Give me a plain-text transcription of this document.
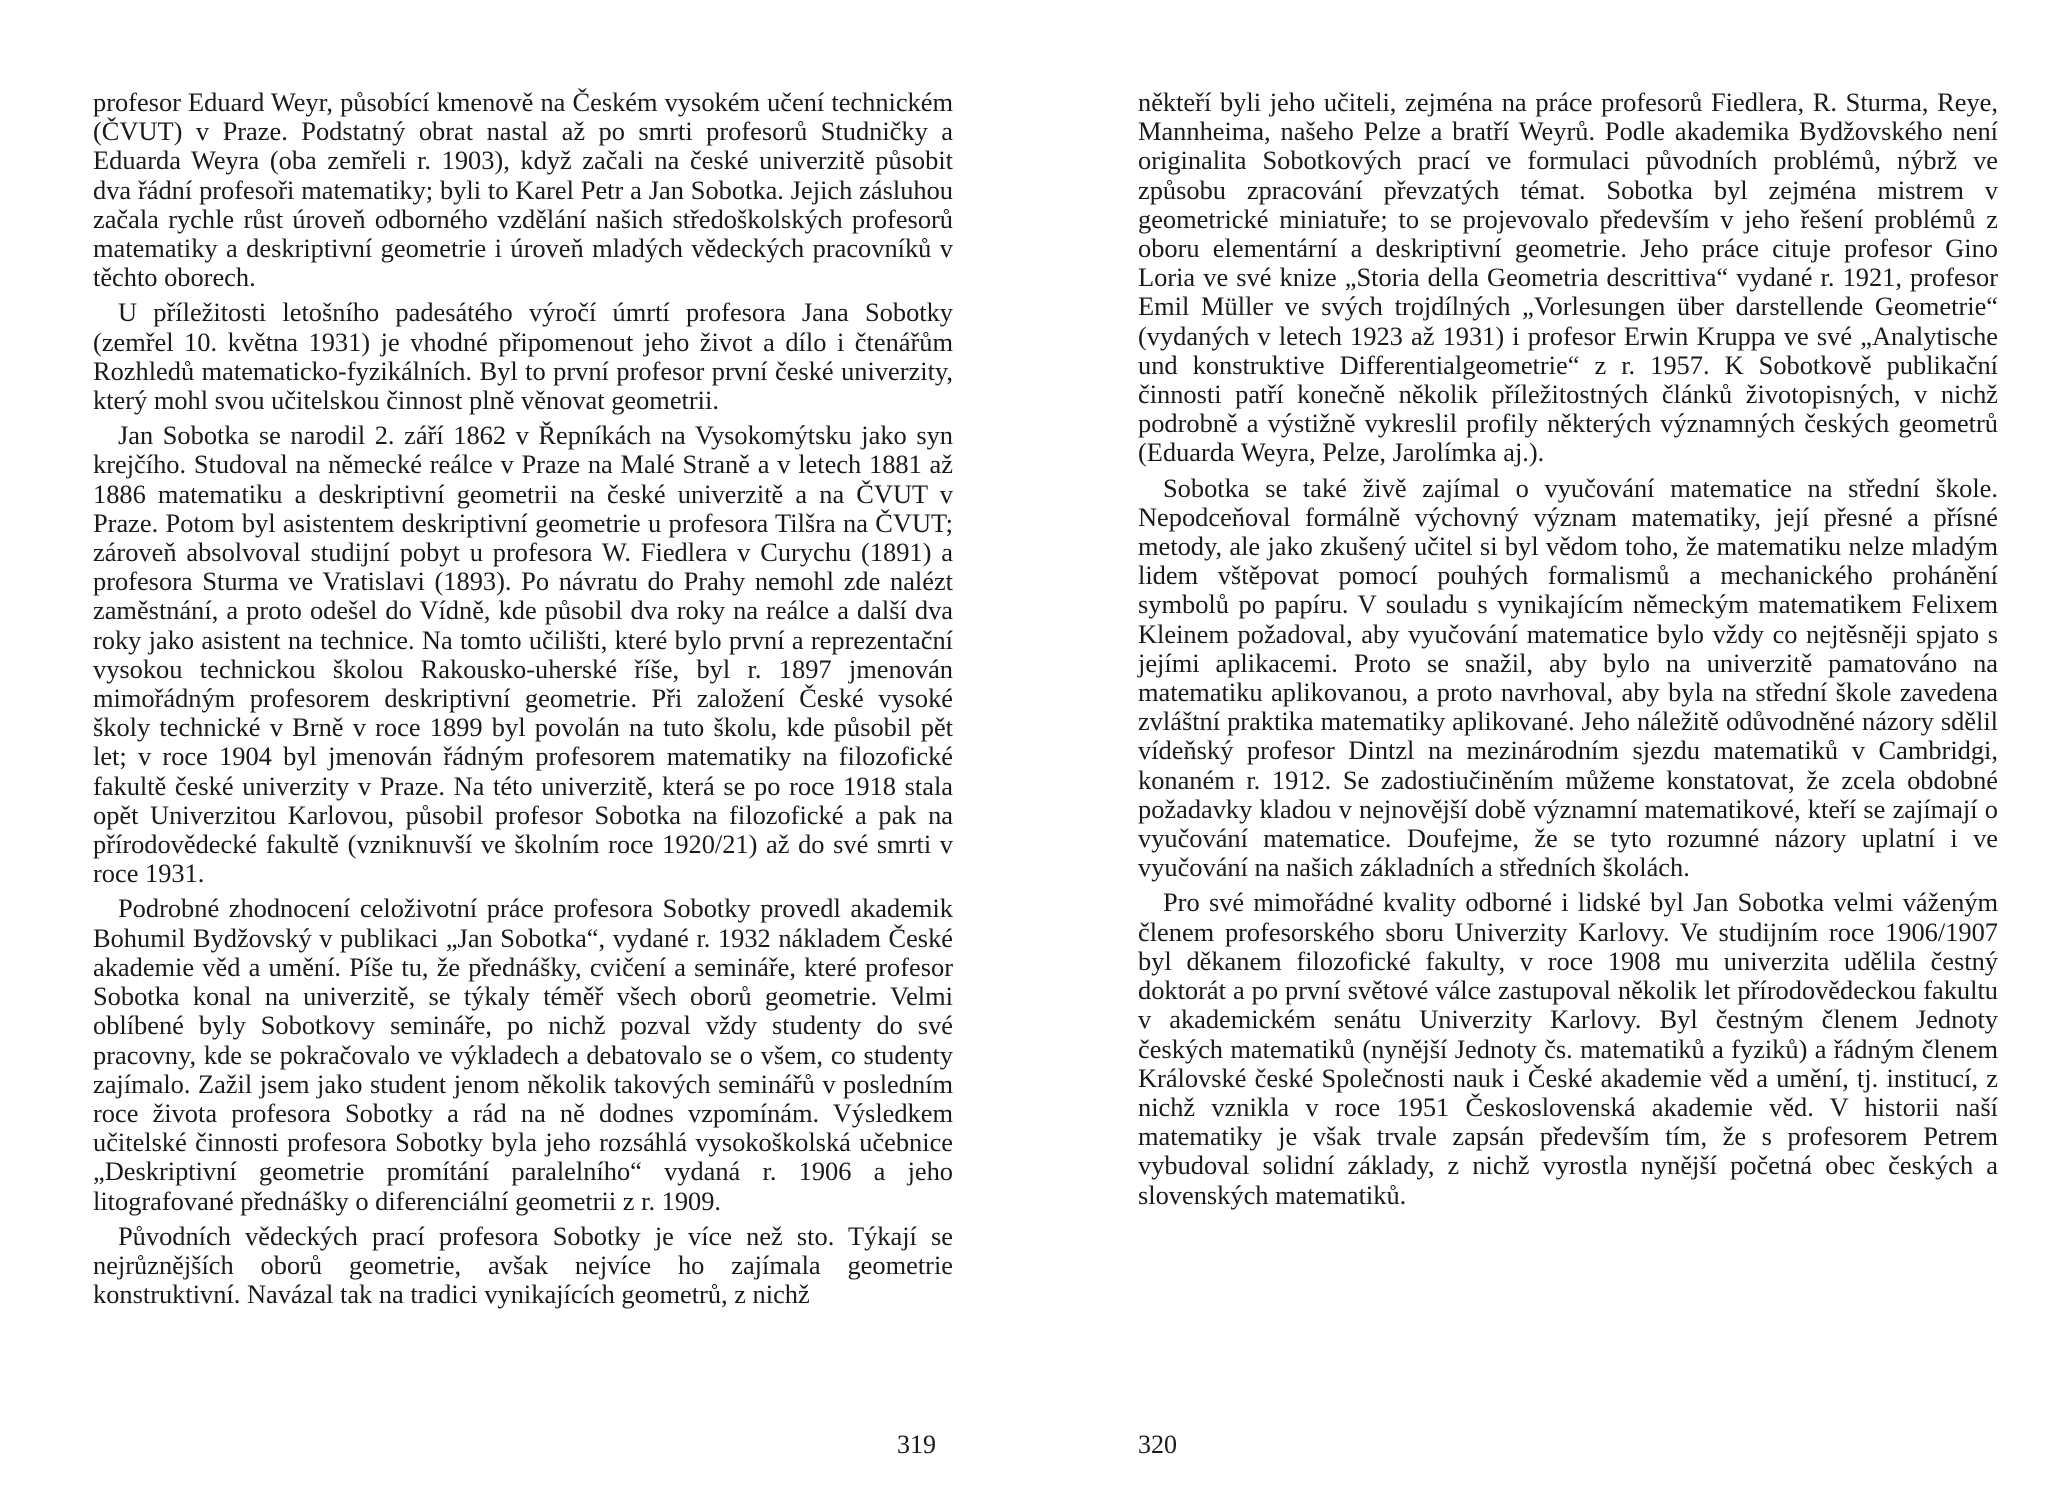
profesor Eduard Weyr, působící kmenově na Českém vysokém učení technickém (ČVUT) v Praze. Podstatný obrat nastal až po smrti profesorů Studničky a Eduarda Weyra (oba zemřeli r. 1903), když začali na české univerzitě působit dva řádní profesoři matematiky; byli to Karel Petr a Jan Sobotka. Jejich zásluhou začala rychle růst úroveň odborného vzdělání našich středoškolských profesorů matematiky a deskriptivní geometrie i úroveň mladých vědeckých pracovníků v těchto oborech.

U příležitosti letošního padesátého výročí úmrtí profesora Jana Sobotky (zemřel 10. května 1931) je vhodné připomenout jeho život a dílo i čtenářům Rozhledů matematicko-fyzikálních. Byl to první profesor první české univerzity, který mohl svou učitelskou činnost plně věnovat geometrii.

Jan Sobotka se narodil 2. září 1862 v Řepníkách na Vysokomýtsku jako syn krejčího. Studoval na německé reálce v Praze na Malé Straně a v letech 1881 až 1886 matematiku a deskriptivní geometrii na české univerzitě a na ČVUT v Praze. Potom byl asistentem deskriptivní geometrie u profesora Tilšra na ČVUT; zároveň absolvoval studijní pobyt u profesora W. Fiedlera v Curychu (1891) a profesora Sturma ve Vratislavi (1893). Po návratu do Prahy nemohl zde nalézt zaměstnání, a proto odešel do Vídně, kde působil dva roky na reálce a další dva roky jako asistent na technice. Na tomto učilišti, které bylo první a reprezentační vysokou technickou školou Rakousko-uherské říše, byl r. 1897 jmenován mimořádným profesorem deskriptivní geometrie. Při založení České vysoké školy technické v Brně v roce 1899 byl povolán na tuto školu, kde působil pět let; v roce 1904 byl jmenován řádným profesorem matematiky na filozofické fakultě české univerzity v Praze. Na této univerzitě, která se po roce 1918 stala opět Univerzitou Karlovou, působil profesor Sobotka na filozofické a pak na přírodovědecké fakultě (vzniknuvší ve školním roce 1920/21) až do své smrti v roce 1931.

Podrobné zhodnocení celoživotní práce profesora Sobotky provedl akademik Bohumil Bydžovský v publikaci „Jan Sobotka“, vydané r. 1932 nákladem České akademie věd a umění. Píše tu, že přednášky, cvičení a semináře, které profesor Sobotka konal na univerzitě, se týkaly téměř všech oborů geometrie. Velmi oblíbené byly Sobotkovy semináře, po nichž pozval vždy studenty do své pracovny, kde se pokračovalo ve výkladech a debatovalo se o všem, co studenty zajímalo. Zažil jsem jako student jenom několik takových seminářů v posledním roce života profesora Sobotky a rád na ně dodnes vzpomínám. Výsledkem učitelské činnosti profesora Sobotky byla jeho rozsáhlá vysokoškolská učebnice „Deskriptivní geometrie promítání paralelního“ vydaná r. 1906 a jeho litografované přednášky o diferenciální geometrii z r. 1909.

Původních vědeckých prací profesora Sobotky je více než sto. Týkají se nejrůznějších oborů geometrie, avšak nejvíce ho zajímala geometrie konstruktivní. Navázal tak na tradici vynikajících geometrů, z nichž

319

někteří byli jeho učiteli, zejména na práce profesorů Fiedlera, R. Sturma, Reye, Mannheima, našeho Pelze a bratří Weyrů. Podle akademika Bydžovského není originalita Sobotkových prací ve formulaci původních problémů, nýbrž ve způsobu zpracování převzatých témat. Sobotka byl zejména mistrem v geometrické miniatuře; to se projevovalo především v jeho řešení problémů z oboru elementární a deskriptivní geometrie. Jeho práce cituje profesor Gino Loria ve své knize „Storia della Geometria descrittiva“ vydané r. 1921, profesor Emil Müller ve svých trojdílných „Vorlesungen über darstellende Geometrie“ (vydaných v letech 1923 až 1931) i profesor Erwin Kruppa ve své „Analytische und konstruktive Differentialgeometrie“ z r. 1957. K Sobotkově publikační činnosti patří konečně několik příležitostných článků životopisných, v nichž podrobně a výstižně vykreslil profily některých významných českých geometrů (Eduarda Weyra, Pelze, Jarolímka aj.).

Sobotka se také živě zajímal o vyučování matematice na střední škole. Nepodceňoval formálně výchovný význam matematiky, její přesné a přísné metody, ale jako zkušený učitel si byl vědom toho, že matematiku nelze mladým lidem vštěpovat pomocí pouhých formalismů a mechanického prohánění symbolů po papíru. V souladu s vynikajícím německým matematikem Felixem Kleinem požadoval, aby vyučování matematice bylo vždy co nejtěsněji spjato s jejími aplikacemi. Proto se snažil, aby bylo na univerzitě pamatováno na matematiku aplikovanou, a proto navrhoval, aby byla na střední škole zavedena zvláštní praktika matematiky aplikované. Jeho náležitě odůvodněné názory sdělil vídeňský profesor Dintzl na mezinárodním sjezdu matematiků v Cambridgi, konaném r. 1912. Se zadostiučiněním můžeme konstatovat, že zcela obdobné požadavky kladou v nejnovější době významní matematikové, kteří se zajímají o vyučování matematice. Doufejme, že se tyto rozumné názory uplatní i ve vyučování na našich základních a středních školách.

Pro své mimořádné kvality odborné i lidské byl Jan Sobotka velmi váženým členem profesorského sboru Univerzity Karlovy. Ve studijním roce 1906/1907 byl děkanem filozofické fakulty, v roce 1908 mu univerzita udělila čestný doktorát a po první světové válce zastupoval několik let přírodovědeckou fakultu v akademickém senátu Univerzity Karlovy. Byl čestným členem Jednoty českých matematiků (nynější Jednoty čs. matematiků a fyziků) a řádným členem Královské české Společnosti nauk i České akademie věd a umění, tj. institucí, z nichž vznikla v roce 1951 Československá akademie věd. V historii naší matematiky je však trvale zapsán především tím, že s profesorem Petrem vybudoval solidní základy, z nichž vyrostla nynější početná obec českých a slovenských matematiků.

320
